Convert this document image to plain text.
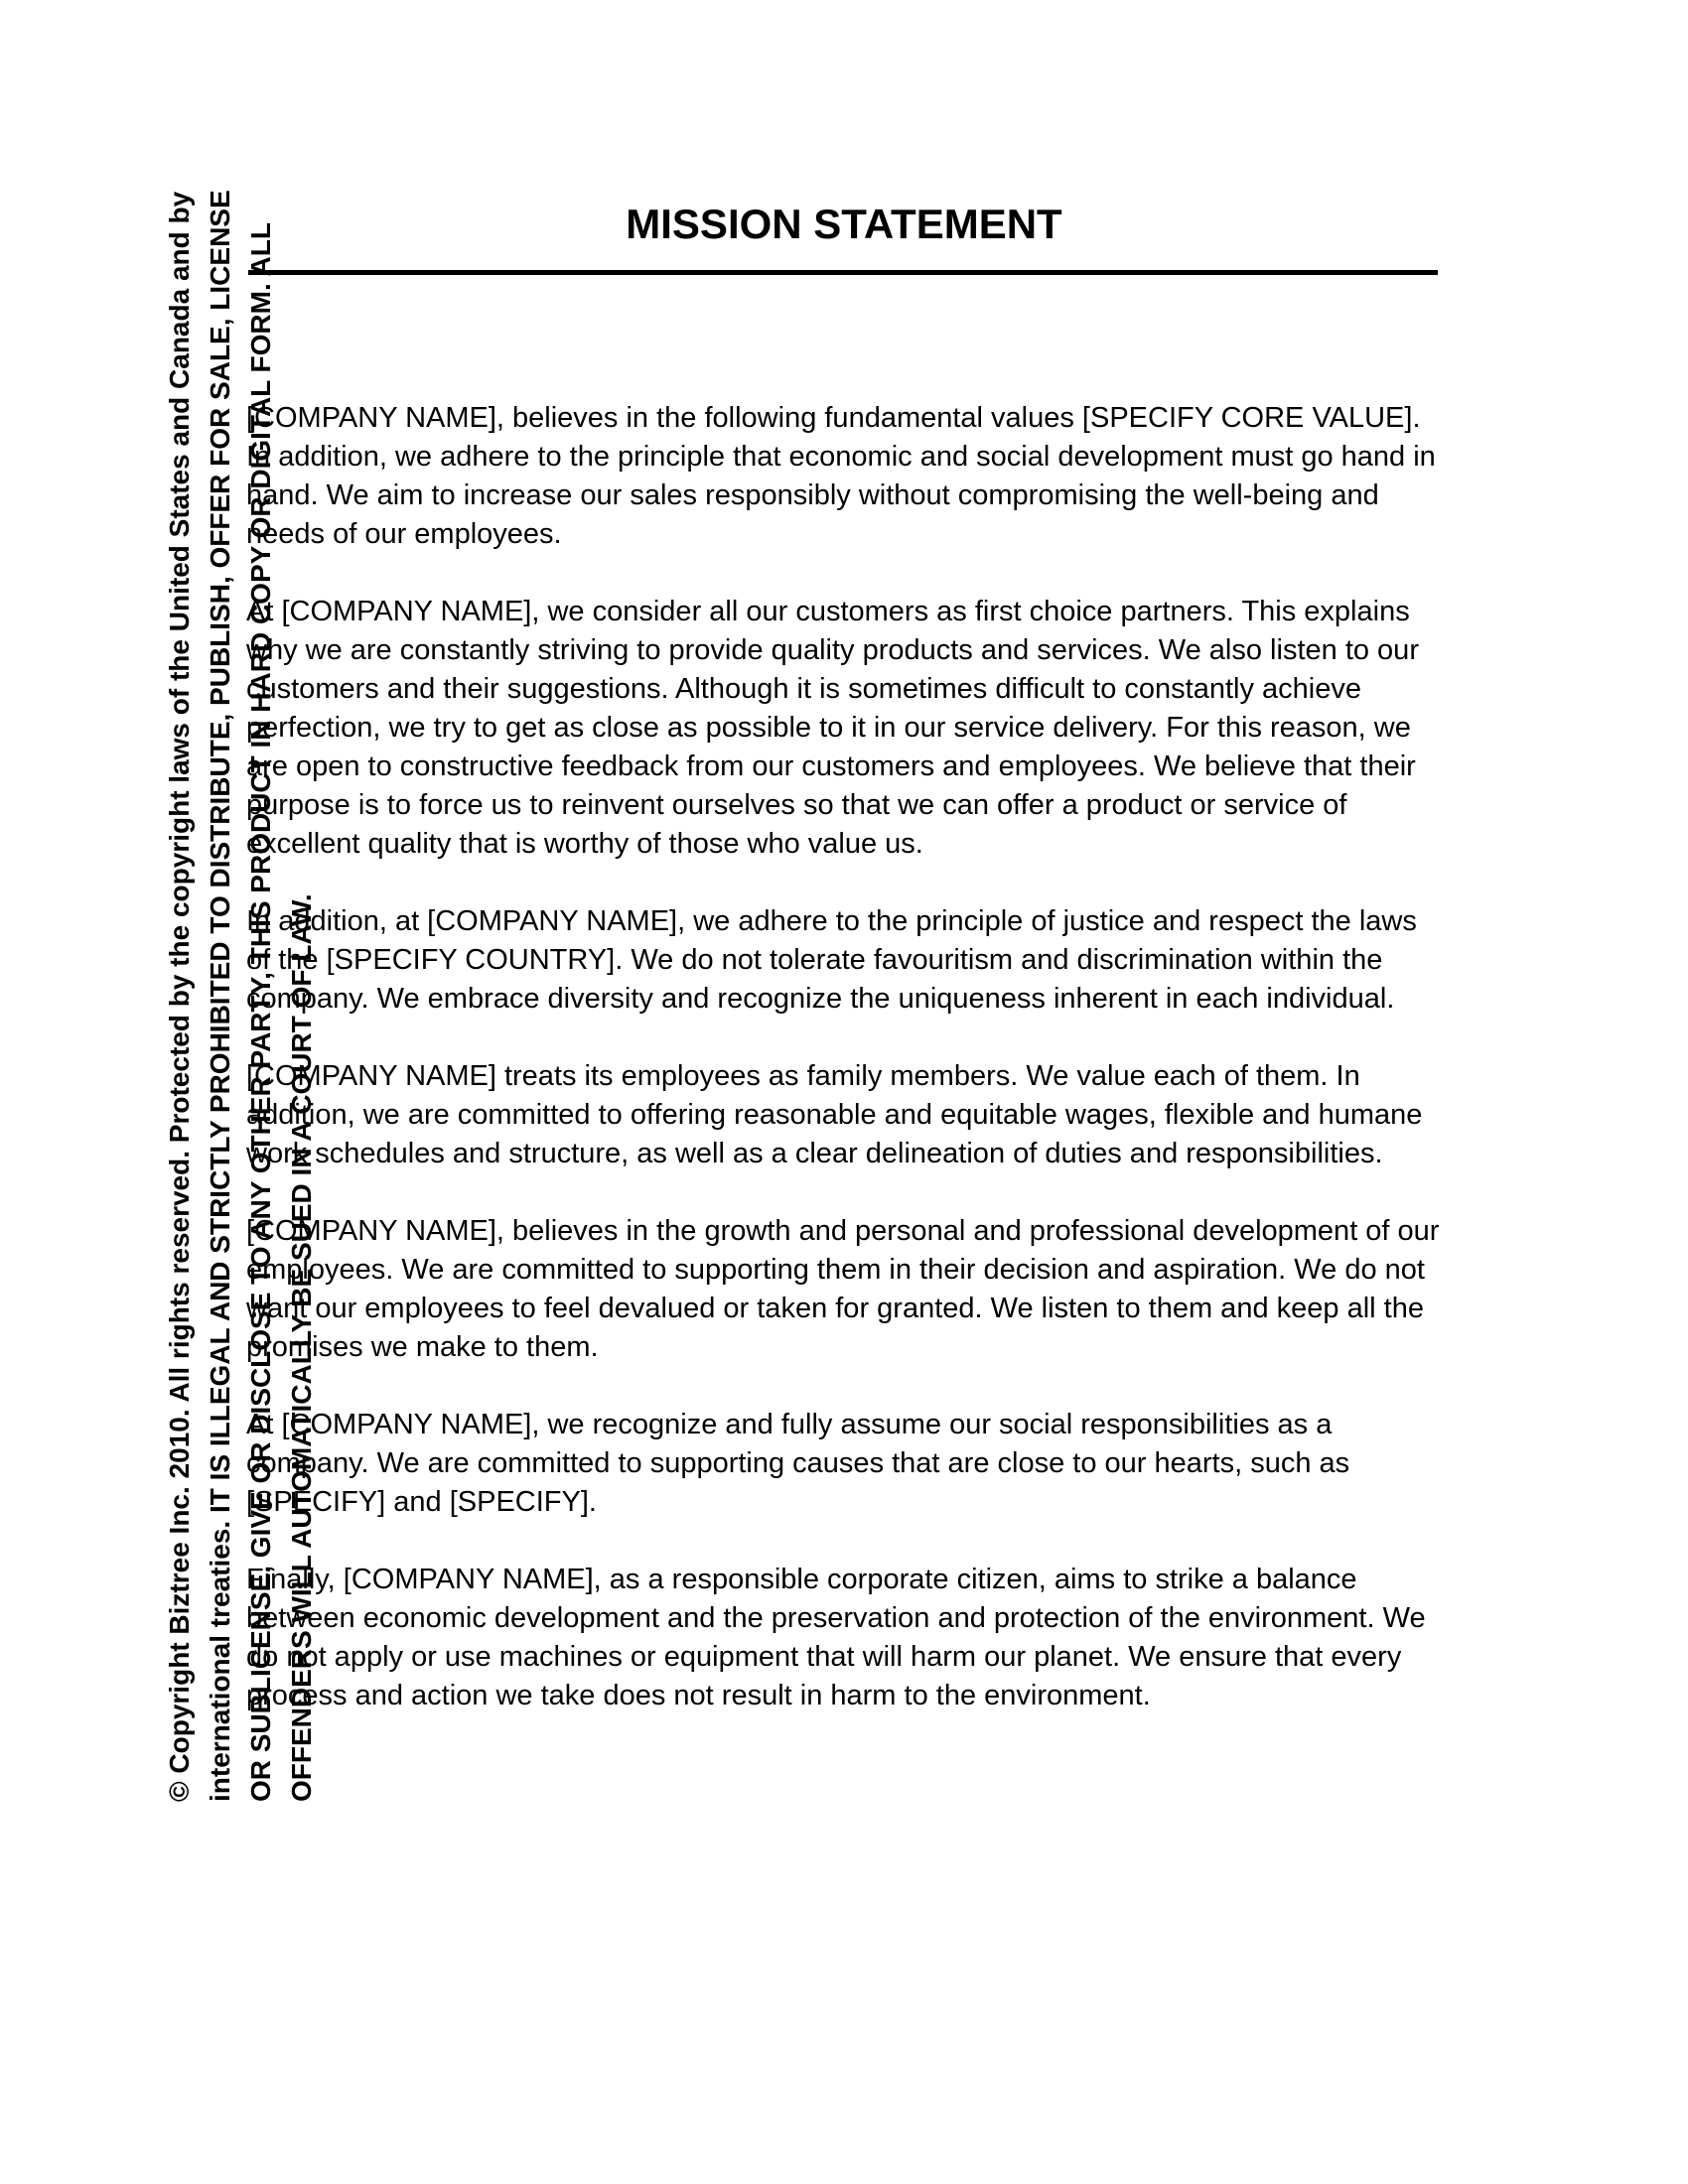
MISSION STATEMENT

[COMPANY NAME], believes in the following fundamental values [SPECIFY CORE VALUE]. In addition, we adhere to the principle that economic and social development must go hand in hand. We aim to increase our sales responsibly without compromising the well-being and needs of our employees.

At [COMPANY NAME], we consider all our customers as first choice partners. This explains why we are constantly striving to provide quality products and services. We also listen to our customers and their suggestions. Although it is sometimes difficult to constantly achieve perfection, we try to get as close as possible to it in our service delivery. For this reason, we are open to constructive feedback from our customers and employees. We believe that their purpose is to force us to reinvent ourselves so that we can offer a product or service of excellent quality that is worthy of those who value us.

In addition, at [COMPANY NAME], we adhere to the principle of justice and respect the laws of the [SPECIFY COUNTRY]. We do not tolerate favouritism and discrimination within the company. We embrace diversity and recognize the uniqueness inherent in each individual.

[COMPANY NAME] treats its employees as family members. We value each of them. In addition, we are committed to offering reasonable and equitable wages, flexible and humane work schedules and structure, as well as a clear delineation of duties and responsibilities.

[COMPANY NAME], believes in the growth and personal and professional development of our employees. We are committed to supporting them in their decision and aspiration. We do not want our employees to feel devalued or taken for granted. We listen to them and keep all the promises we make to them.

At [COMPANY NAME], we recognize and fully assume our social responsibilities as a company. We are committed to supporting causes that are close to our hearts, such as [SPECIFY] and [SPECIFY].

Finally, [COMPANY NAME], as a responsible corporate citizen, aims to strike a balance between economic development and the preservation and protection of the environment. We do not apply or use machines or equipment that will harm our planet. We ensure that every process and action we take does not result in harm to the environment.

© Copyright Biztree Inc. 2010. All rights reserved. Protected by the copyright laws of the United States and Canada and by international treaties. IT IS ILLEGAL AND STRICTLY PROHIBITED TO DISTRIBUTE, PUBLISH, OFFER FOR SALE, LICENSE OR SUBLICENSE, GIVE OR DISCLOSE TO ANY OTHER PARTY, THIS PRODUCT IN HARD COPY OR DIGITAL FORM. ALL OFFENDERS WILL AUTOMATICALLY BE SUED IN A COURT OF LAW.
